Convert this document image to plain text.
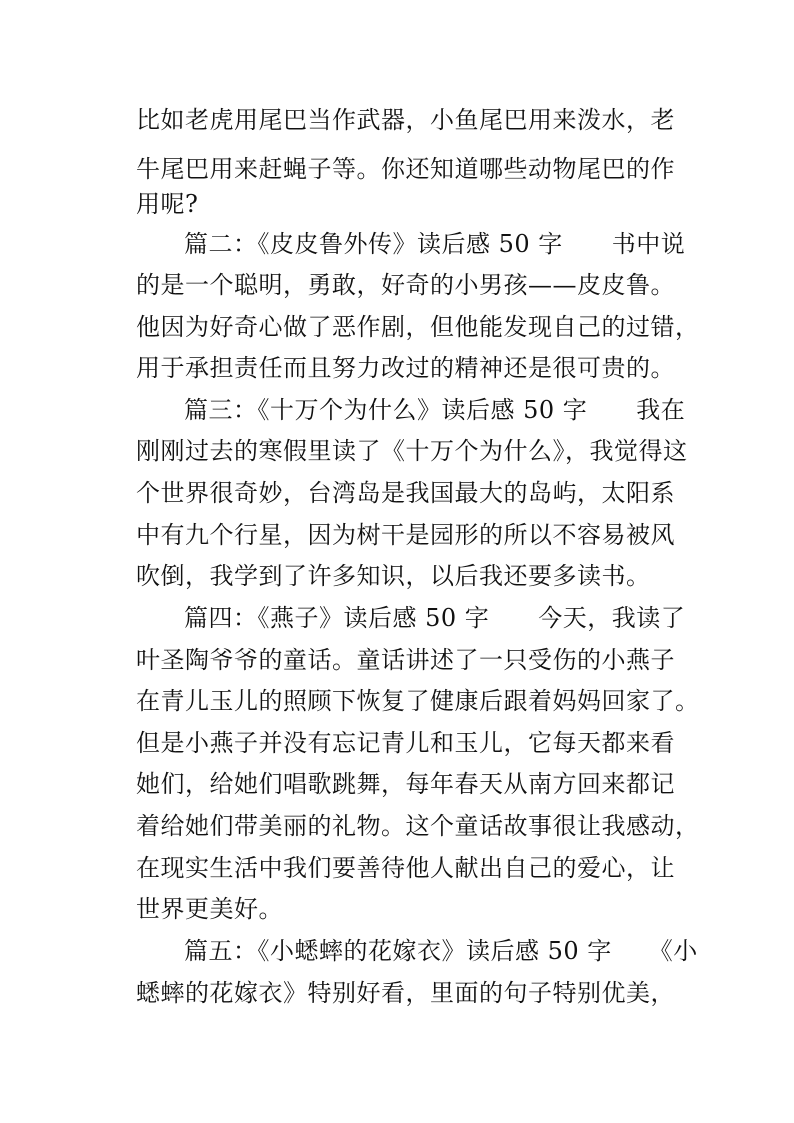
比如老虎用尾巴当作武器，小鱼尾巴用来泼水，老
牛尾巴用来赶蝇子等。你还知道哪些动物尾巴的作
用呢?
篇二：《皮皮鲁外传》读后感 50 字　　书中说
的是一个聪明，勇敢，好奇的小男孩——皮皮鲁。
他因为好奇心做了恶作剧，但他能发现自己的过错，
用于承担责任而且努力改过的精神还是很可贵的。
篇三：《十万个为什么》读后感 50 字　　我在
刚刚过去的寒假里读了《十万个为什么》，我觉得这
个世界很奇妙，台湾岛是我国最大的岛屿，太阳系
中有九个行星，因为树干是园形的所以不容易被风
吹倒，我学到了许多知识，以后我还要多读书。
篇四：《燕子》读后感 50 字　　今天，我读了
叶圣陶爷爷的童话。童话讲述了一只受伤的小燕子
在青儿玉儿的照顾下恢复了健康后跟着妈妈回家了。
但是小燕子并没有忘记青儿和玉儿，它每天都来看
她们，给她们唱歌跳舞，每年春天从南方回来都记
着给她们带美丽的礼物。这个童话故事很让我感动，
在现实生活中我们要善待他人献出自己的爱心，让
世界更美好。
篇五：《小蟋蟀的花嫁衣》读后感 50 字　　《小
蟋蟀的花嫁衣》特别好看，里面的句子特别优美，
